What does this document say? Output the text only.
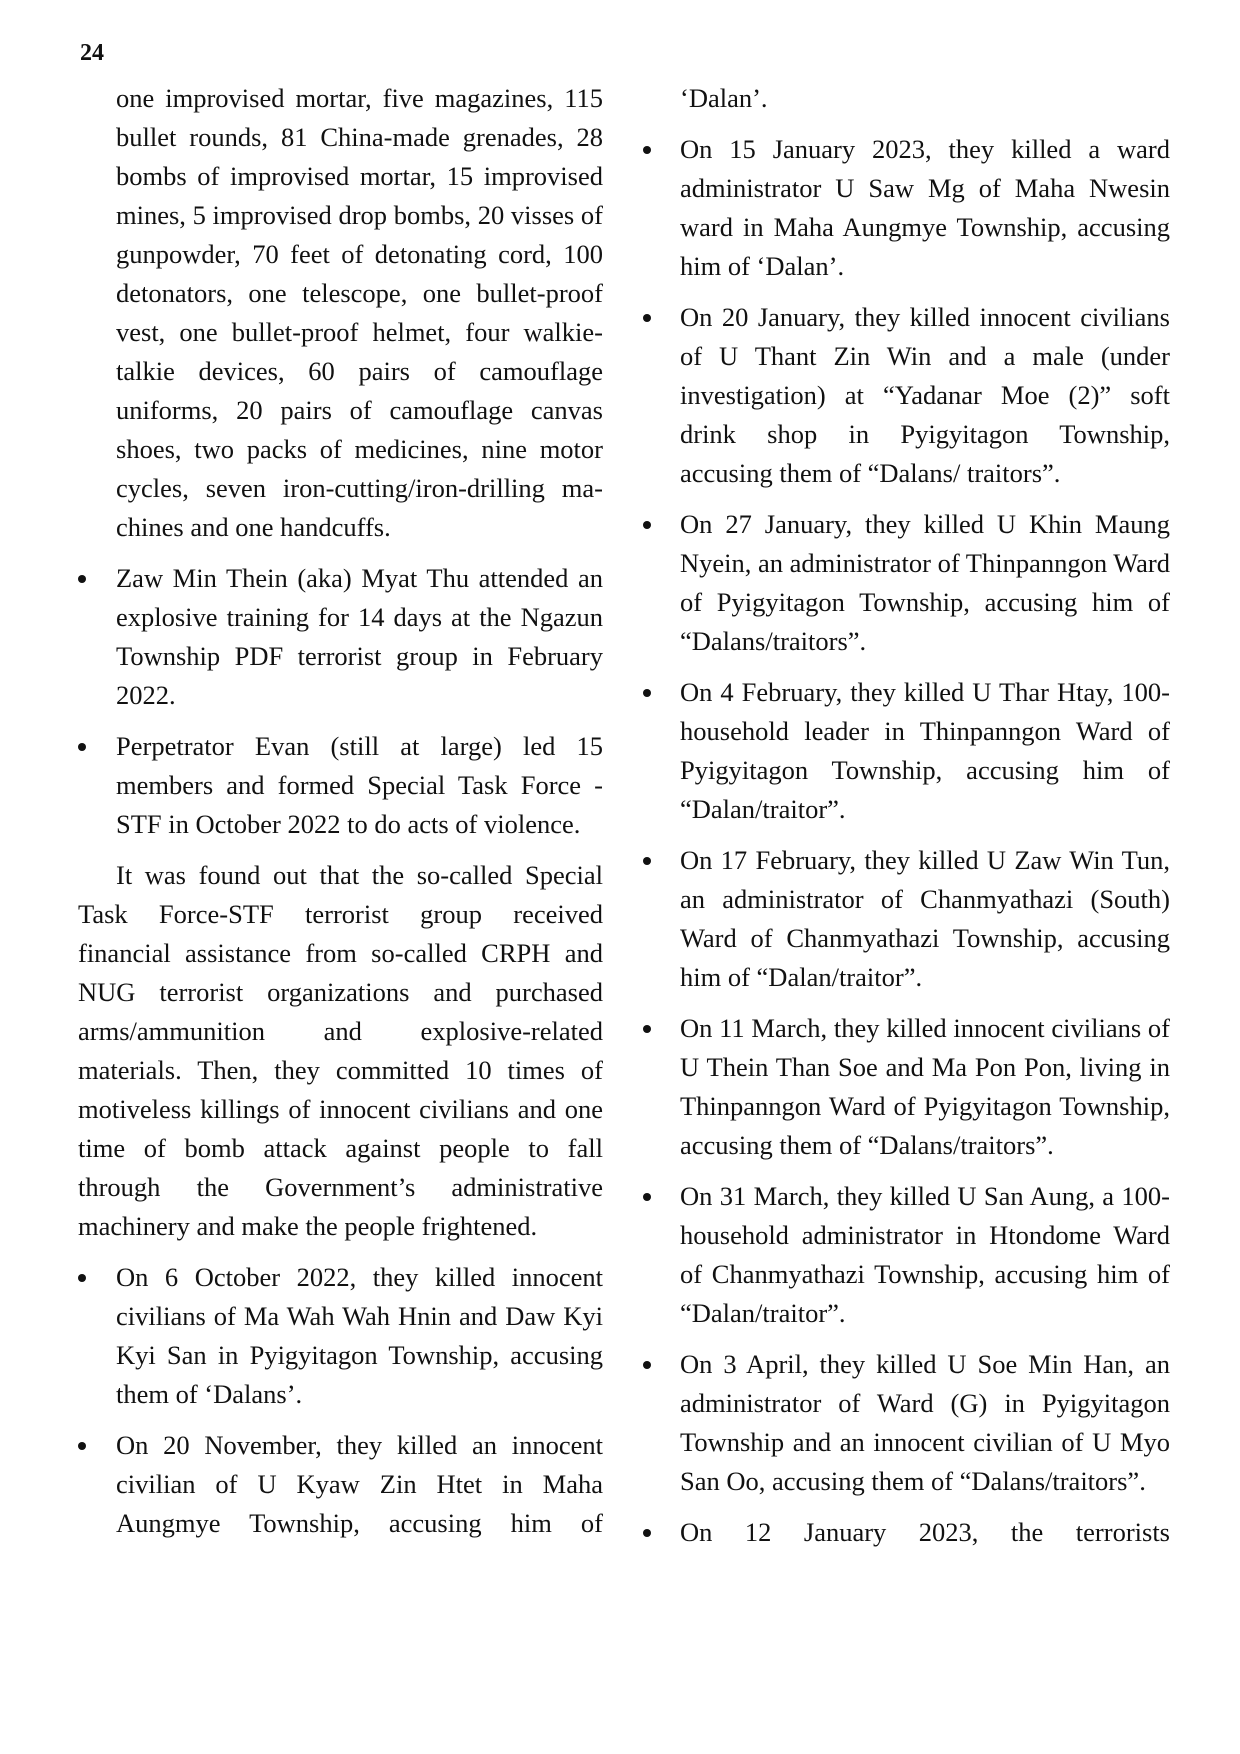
24

one improvised mortar, five magazines, 115 bullet rounds, 81 China-made grenades, 28 bombs of improvised mortar, 15 improvised mines, 5 improvised drop bombs, 20 visses of gunpowder, 70 feet of detonating cord, 100 detonators, one telescope, one bullet-proof vest, one bullet-proof helmet, four walkie-talkie devices, 60 pairs of camouflage uniforms, 20 pairs of camouflage canvas shoes, two packs of medicines, nine motor cycles, seven iron-cutting/iron-drilling machines and one handcuffs.

Zaw Min Thein (aka) Myat Thu attended an explosive training for 14 days at the Ngazun Township PDF terrorist group in February 2022.
Perpetrator Evan (still at large) led 15 members and formed Special Task Force -STF in October 2022 to do acts of violence.

It was found out that the so-called Special Task Force-STF terrorist group received financial assistance from so-called CRPH and NUG terrorist organizations and purchased arms/ammunition and explosive-related materials. Then, they committed 10 times of motiveless killings of innocent civilians and one time of bomb attack against people to fall through the Government’s administrative machinery and make the people frightened.

On 6 October 2022, they killed innocent civilians of Ma Wah Wah Hnin and Daw Kyi Kyi San in Pyigyitagon Township, accusing them of ‘Dalans’.
On 20 November, they killed an innocent civilian of U Kyaw Zin Htet in Maha Aungmye Township, accusing him of

‘Dalan’.

On 15 January 2023, they killed a ward administrator U Saw Mg of Maha Nwesin ward in Maha Aungmye Township, accusing him of ‘Dalan’.
On 20 January, they killed innocent civilians of U Thant Zin Win and a male (under investigation) at “Yadanar Moe (2)” soft drink shop in Pyigyitagon Township, accusing them of “Dalans/ traitors”.
On 27 January, they killed U Khin Maung Nyein, an administrator of Thinpanngon Ward of Pyigyitagon Township, accusing him of “Dalans/traitors”.
On 4 February, they killed U Thar Htay, 100-household leader in Thinpanngon Ward of Pyigyitagon Township, accusing him of “Dalan/traitor”.
On 17 February, they killed U Zaw Win Tun, an administrator of Chanmyathazi (South) Ward of Chanmyathazi Township, accusing him of “Dalan/traitor”.
On 11 March, they killed innocent civilians of U Thein Than Soe and Ma Pon Pon, living in Thinpanngon Ward of Pyigyitagon Township, accusing them of “Dalans/traitors”.
On 31 March, they killed U San Aung, a 100-household administrator in Htondome Ward of Chanmyathazi Township, accusing him of “Dalan/traitor”.
On 3 April, they killed U Soe Min Han, an administrator of Ward (G) in Pyigyitagon Township and an innocent civilian of U Myo San Oo, accusing them of “Dalans/traitors”.
On 12 January 2023, the terrorists
